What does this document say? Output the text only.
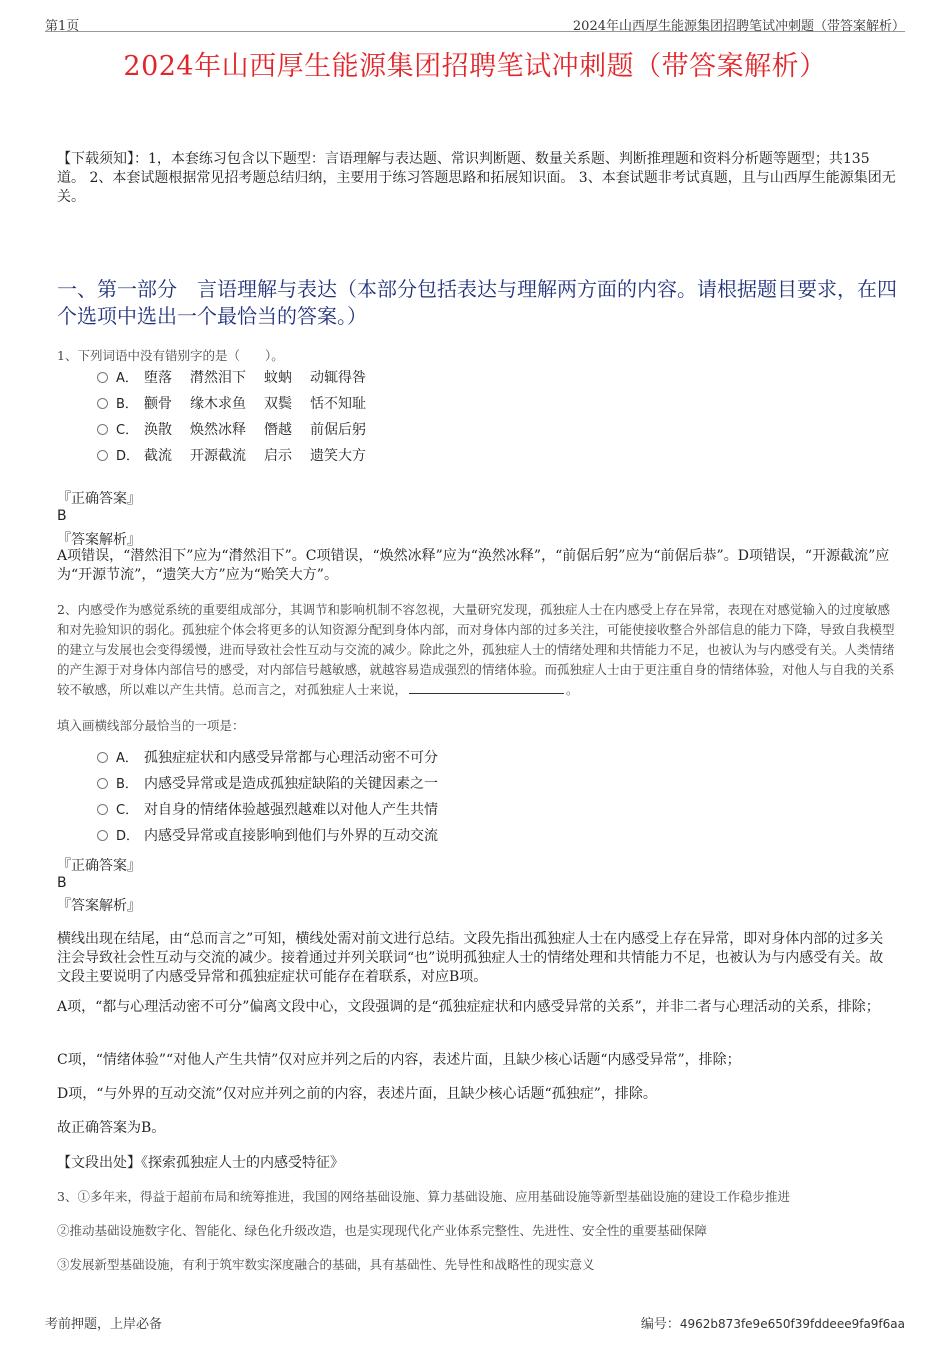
第1页	2024年山西厚生能源集团招聘笔试冲刺题（带答案解析）
2024年山西厚生能源集团招聘笔试冲刺题（带答案解析）
【下载须知】：1，本套练习包含以下题型：言语理解与表达题、常识判断题、数量关系题、判断推理题和资料分析题等题型；共135道。 2、本套试题根据常见招考题总结归纳，主要用于练习答题思路和拓展知识面。 3、本套试题非考试真题，且与山西厚生能源集团无关。
一、第一部分　言语理解与表达（本部分包括表达与理解两方面的内容。请根据题目要求，在四个选项中选出一个最恰当的答案。）
1、下列词语中没有错别字的是（　　）。
A． 堕落 潸然泪下 蚊蚋 动辄得咎
B． 颧骨 缘木求鱼 双鬓 恬不知耻
C． 涣散 焕然冰释 僭越 前倨后躬
D． 截流 开源截流 启示 遗笑大方
『正确答案』
B
『答案解析』
A项错误，“潜然泪下”应为“潸然泪下”。C项错误，“焕然冰释”应为“涣然冰释”，“前倨后躬”应为“前倨后恭”。D项错误，“开源截流”应为“开源节流”，“遗笑大方”应为“贻笑大方”。
2、内感受作为感觉系统的重要组成部分，其调节和影响机制不容忽视，大量研究发现，孤独症人士在内感受上存在异常，表现在对感觉输入的过度敏感和对先验知识的弱化。孤独症个体会将更多的认知资源分配到身体内部，而对身体内部的过多关注，可能使接收整合外部信息的能力下降，导致自我模型的建立与发展也会变得缓慢，进而导致社会性互动与交流的减少。除此之外，孤独症人士的情绪处理和共情能力不足，也被认为与内感受有关。人类情绪的产生源于对身体内部信号的感受，对内部信号越敏感，就越容易造成强烈的情绪体验。而孤独症人士由于更注重自身的情绪体验，对他人与自我的关系较不敏感，所以难以产生共情。总而言之，对孤独症人士来说，	。
填入画横线部分最恰当的一项是：
A． 孤独症症状和内感受异常都与心理活动密不可分
B． 内感受异常或是造成孤独症缺陷的关键因素之一
C． 对自身的情绪体验越强烈越难以对他人产生共情
D． 内感受异常或直接影响到他们与外界的互动交流
『正确答案』
B
『答案解析』
横线出现在结尾，由“总而言之”可知，横线处需对前文进行总结。文段先指出孤独症人士在内感受上存在异常，即对身体内部的过多关注会导致社会性互动与交流的减少。接着通过并列关联词“也”说明孤独症人士的情绪处理和共情能力不足，也被认为与内感受有关。故文段主要说明了内感受异常和孤独症症状可能存在着联系，对应B项。
A项，“都与心理活动密不可分”偏离文段中心，文段强调的是“孤独症症状和内感受异常的关系”，并非二者与心理活动的关系，排除；
C项，“情绪体验”“对他人产生共情”仅对应并列之后的内容，表述片面，且缺少核心话题“内感受异常”，排除；
D项，“与外界的互动交流”仅对应并列之前的内容，表述片面，且缺少核心话题“孤独症”，排除。
故正确答案为B。
【文段出处】《探索孤独症人士的内感受特征》
3、①多年来，得益于超前布局和统筹推进，我国的网络基础设施、算力基础设施、应用基础设施等新型基础设施的建设工作稳步推进
②推动基础设施数字化、智能化、绿色化升级改造，也是实现现代化产业体系完整性、先进性、安全性的重要基础保障
③发展新型基础设施，有利于筑牢数实深度融合的基础，具有基础性、先导性和战略性的现实意义
考前押题，上岸必备	编号：4962b873fe9e650f39fddeee9fa9f6aa
